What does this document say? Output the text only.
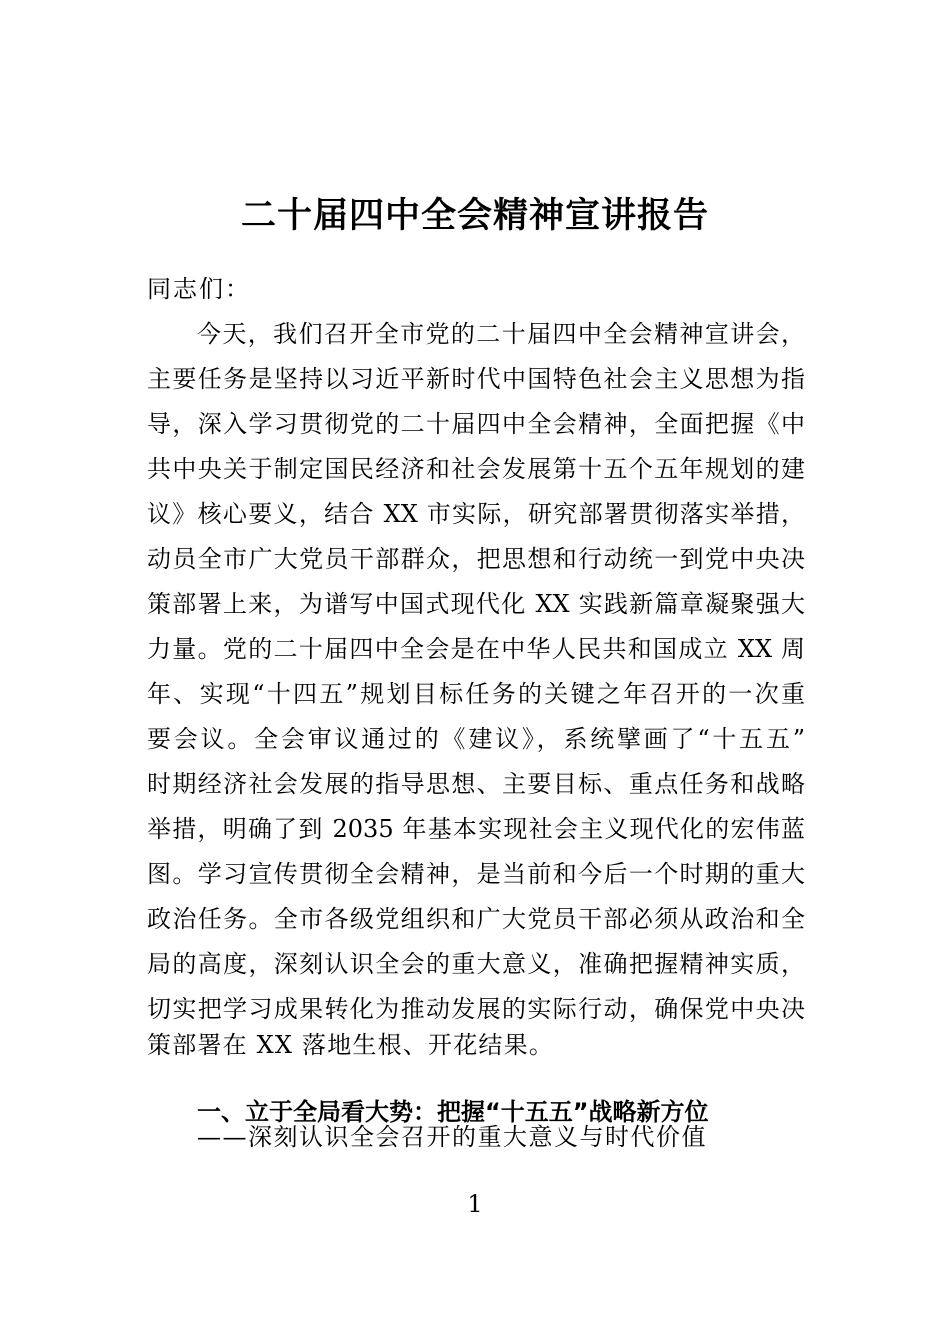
二十届四中全会精神宣讲报告
同志们：
今天，我们召开全市党的二十届四中全会精神宣讲会，
主要任务是坚持以习近平新时代中国特色社会主义思想为指
导，深入学习贯彻党的二十届四中全会精神，全面把握《中
共中央关于制定国民经济和社会发展第十五个五年规划的建
议》核心要义，结合 XX 市实际，研究部署贯彻落实举措，
动员全市广大党员干部群众，把思想和行动统一到党中央决
策部署上来，为谱写中国式现代化 XX 实践新篇章凝聚强大
力量。党的二十届四中全会是在中华人民共和国成立 XX 周
年、实现“十四五”规划目标任务的关键之年召开的一次重
要会议。全会审议通过的《建议》，系统擘画了“十五五”
时期经济社会发展的指导思想、主要目标、重点任务和战略
举措，明确了到 2035 年基本实现社会主义现代化的宏伟蓝
图。学习宣传贯彻全会精神，是当前和今后一个时期的重大
政治任务。全市各级党组织和广大党员干部必须从政治和全
局的高度，深刻认识全会的重大意义，准确把握精神实质，
切实把学习成果转化为推动发展的实际行动，确保党中央决
策部署在 XX 落地生根、开花结果。
一、立于全局看大势：把握“十五五”战略新方位
——深刻认识全会召开的重大意义与时代价值
1
